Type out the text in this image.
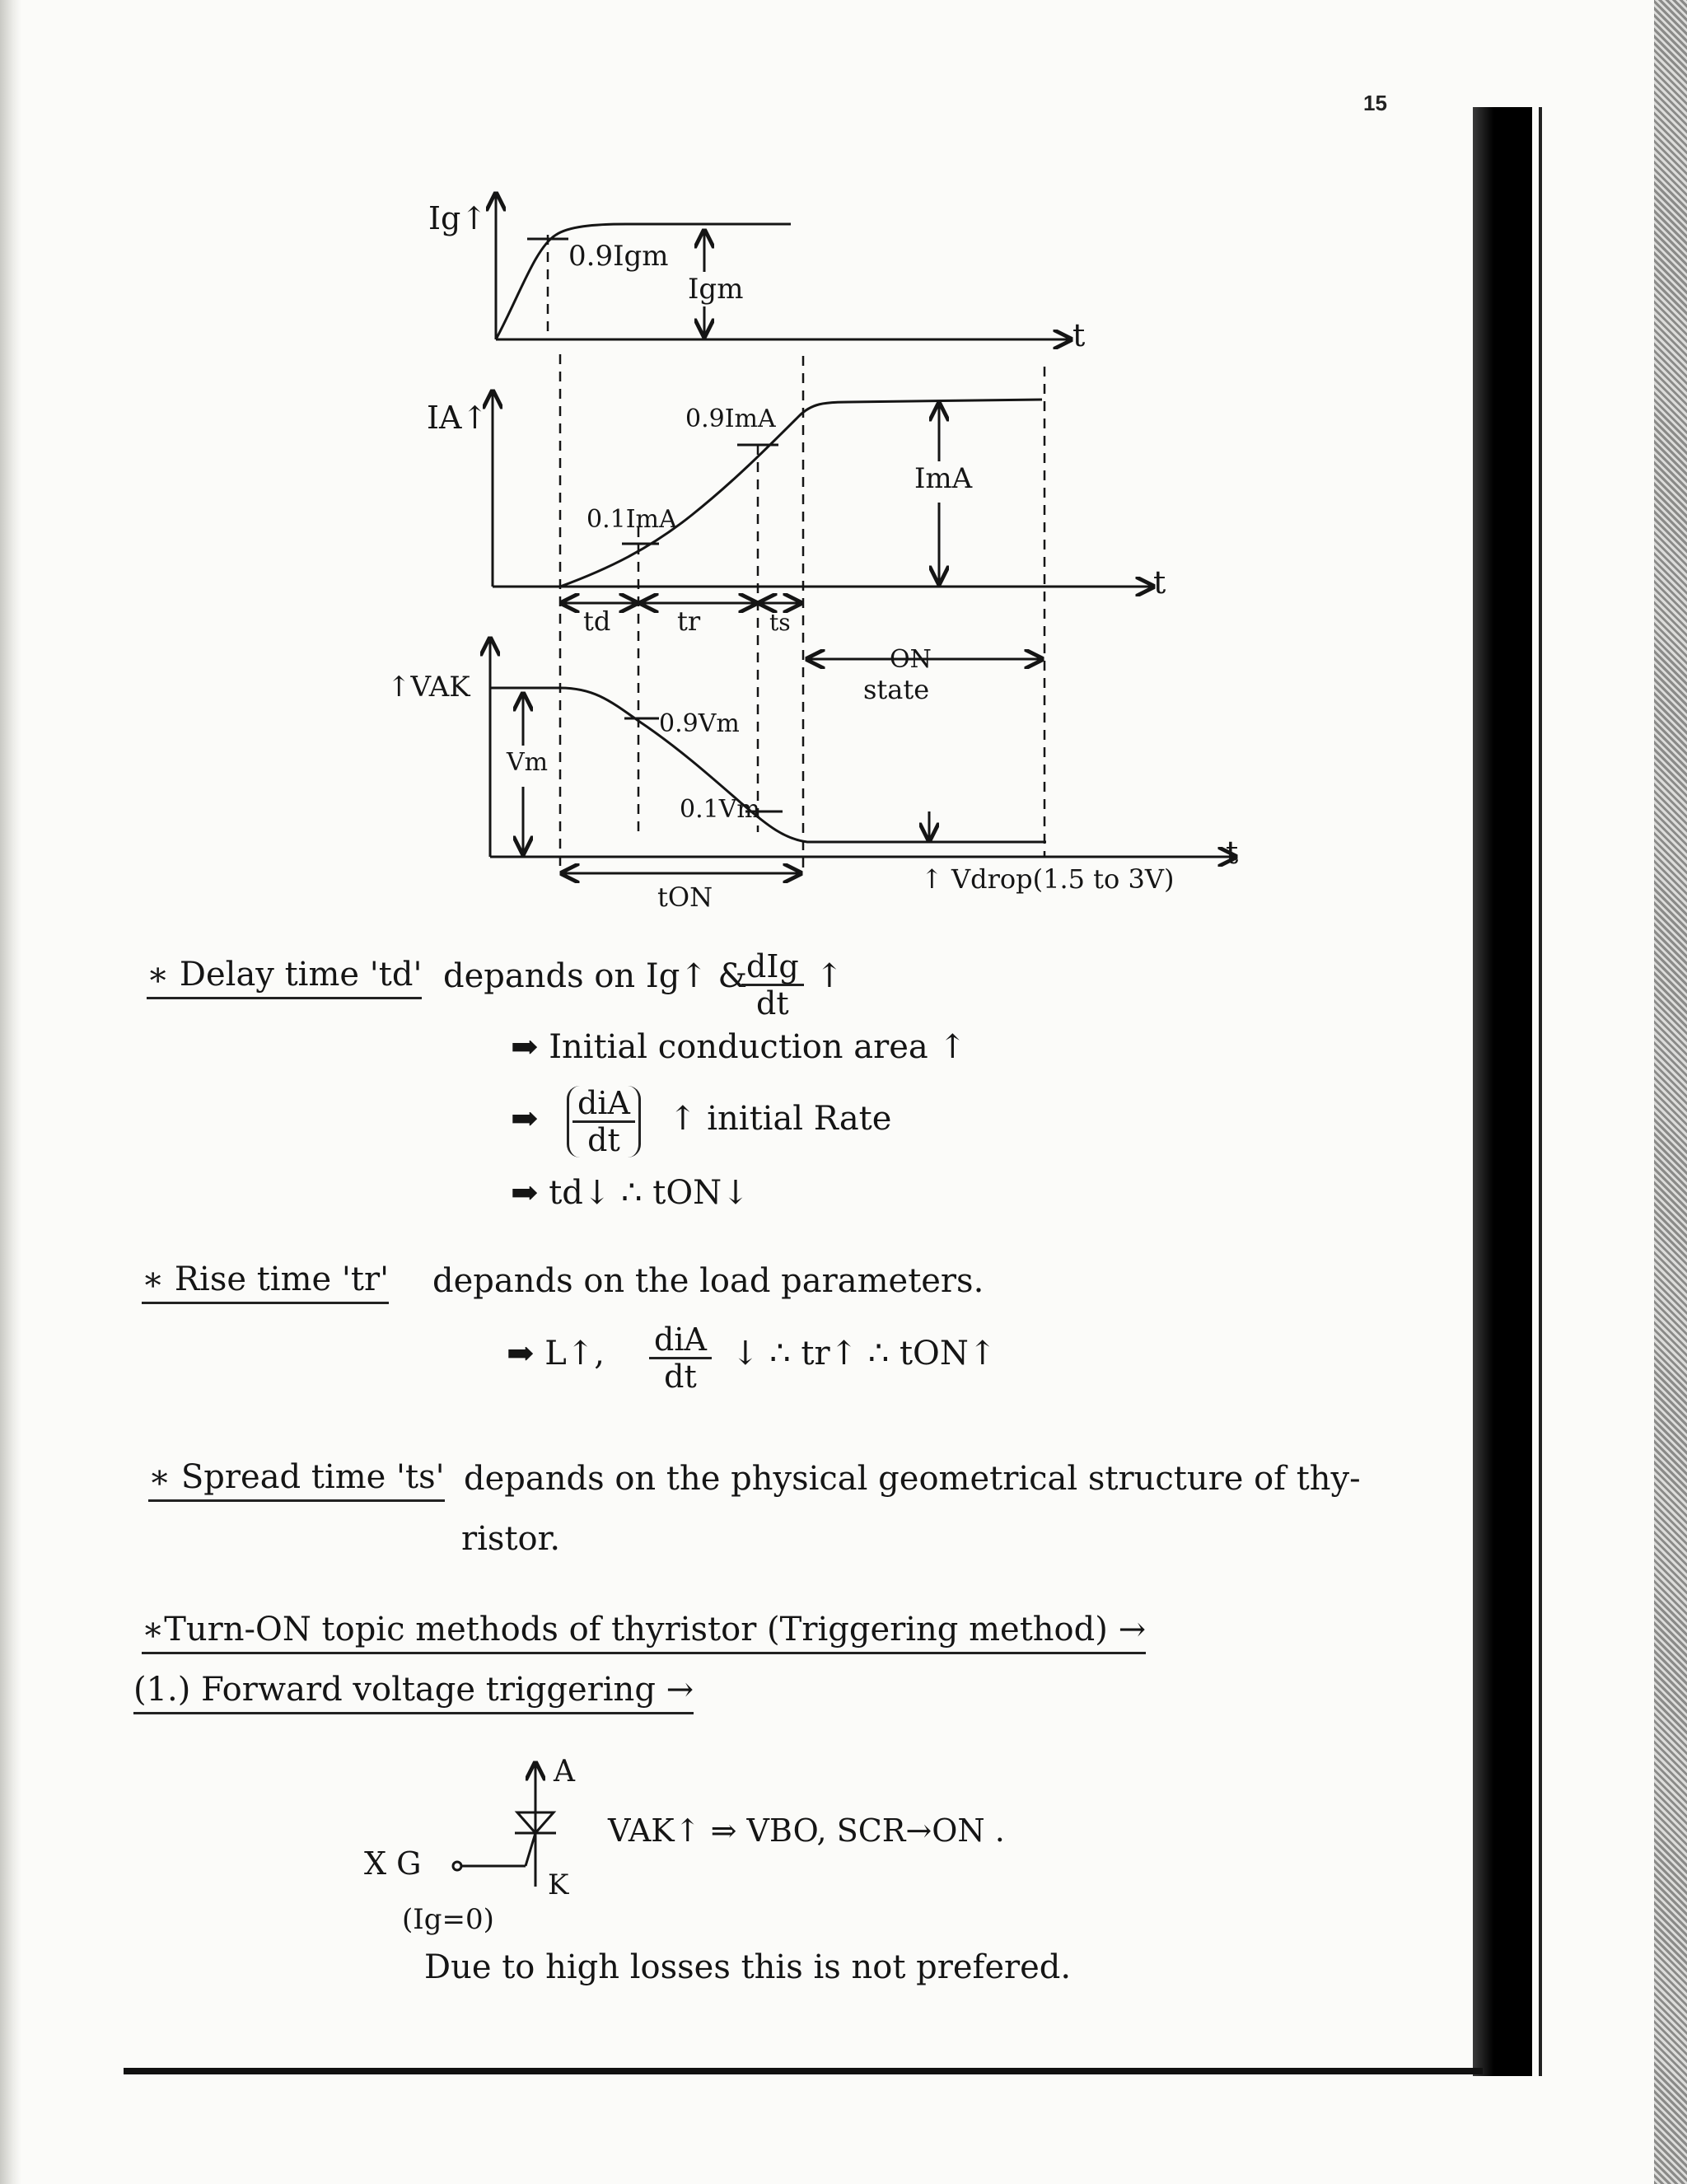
15
Ig↑
0.9Igm
Igm
t
IA↑	0.9ImA
0.1ImA
ImA
t
td	tr	ts
ON
state
↑VAK
Vm
0.9Vm
0.1Vm
t
tON
↑ Vdrop(1.5 to 3V)
∗ Delay time 'td' depands on Ig↑ &
dIg
dt
↑
➡ Initial conduction area ↑
➡ diA
dt
↑ initial Rate
➡ td↓ ∴ tON↓
∗ Rise time 'tr' depands on the load parameters.
➡ L↑, diA
dt
↓ ∴ tr↑ ∴ tON↑
∗ Spread time 'ts' depands on the physical geometrical structure of thy-
ristor.
∗Turn-ON topic methods of thyristor (Triggering method) →
(1.) Forward voltage triggering →
A
X G
K
(Ig=0)
VAK↑ ⇒ VBO, SCR→ON .
Due to high losses this is not prefered.
